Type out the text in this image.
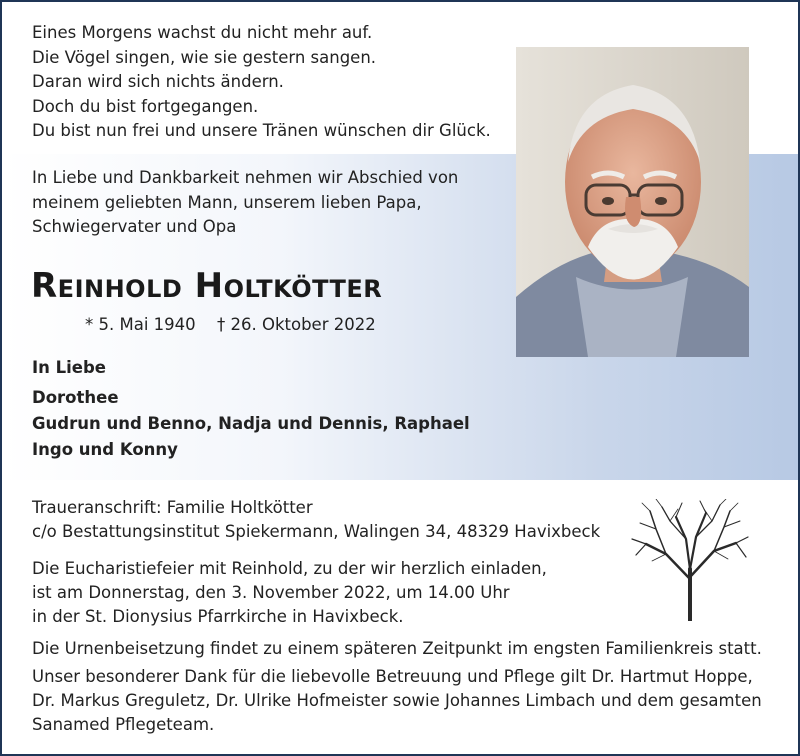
Eines Morgens wachst du nicht mehr auf.
Die Vögel singen, wie sie gestern sangen.
Daran wird sich nichts ändern.
Doch du bist fortgegangen.
Du bist nun frei und unsere Tränen wünschen dir Glück.
In Liebe und Dankbarkeit nehmen wir Abschied von
meinem geliebten Mann, unserem lieben Papa,
Schwiegervater und Opa
Reinhold Holtkötter
* 5. Mai 1940 † 26. Oktober 2022
In Liebe
Dorothee
Gudrun und Benno, Nadja und Dennis, Raphael
Ingo und Konny
Traueranschrift: Familie Holtkötter
c/o Bestattungsinstitut Spiekermann, Walingen 34, 48329 Havixbeck
Die Eucharistiefeier mit Reinhold, zu der wir herzlich einladen,
ist am Donnerstag, den 3. November 2022, um 14.00 Uhr
in der St. Dionysius Pfarrkirche in Havixbeck.
Die Urnenbeisetzung findet zu einem späteren Zeitpunkt im engsten Familienkreis statt.
Unser besonderer Dank für die liebevolle Betreuung und Pflege gilt Dr. Hartmut Hoppe,
Dr. Markus Greguletz, Dr. Ulrike Hofmeister sowie Johannes Limbach und dem gesamten
Sanamed Pflegeteam.
